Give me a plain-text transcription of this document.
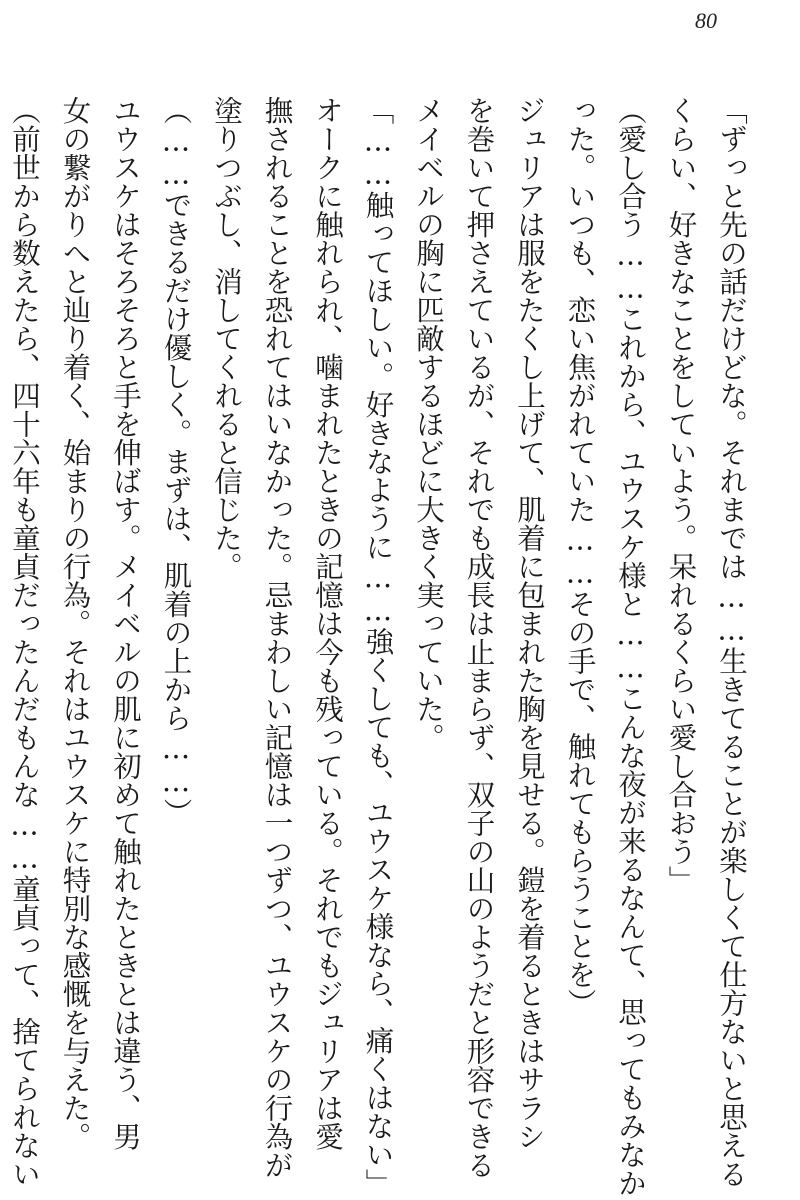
80
「ずっと先の話だけどな。それまでは……生きてることが楽しくて仕方ないと思える
くらい、好きなことをしていよう。呆れるくらい愛し合おう」
（愛し合う……これから、ユウスケ様と……こんな夜が来るなんて、思ってもみなか
った。いつも、恋い焦がれていた……その手で、触れてもらうことを）
ジュリアは服をたくし上げて、肌着に包まれた胸を見せる。鎧を着るときはサラシ
を巻いて押さえているが、それでも成長は止まらず、双子の山のようだと形容できる
メイベルの胸に匹敵するほどに大きく実っていた。
「……触ってほしい。好きなように……強くしても、ユウスケ様なら、痛くはない」
オークに触れられ、噛まれたときの記憶は今も残っている。それでもジュリアは愛
撫されることを恐れてはいなかった。忌まわしい記憶は一つずつ、ユウスケの行為が
塗りつぶし、消してくれると信じた。
（……できるだけ優しく。まずは、肌着の上から……）
ユウスケはそろそろと手を伸ばす。メイベルの肌に初めて触れたときとは違う、男
女の繋がりへと辿り着く、始まりの行為。それはユウスケに特別な感慨を与えた。
（前世から数えたら、四十六年も童貞だったんだもんな……童貞って、捨てられない
